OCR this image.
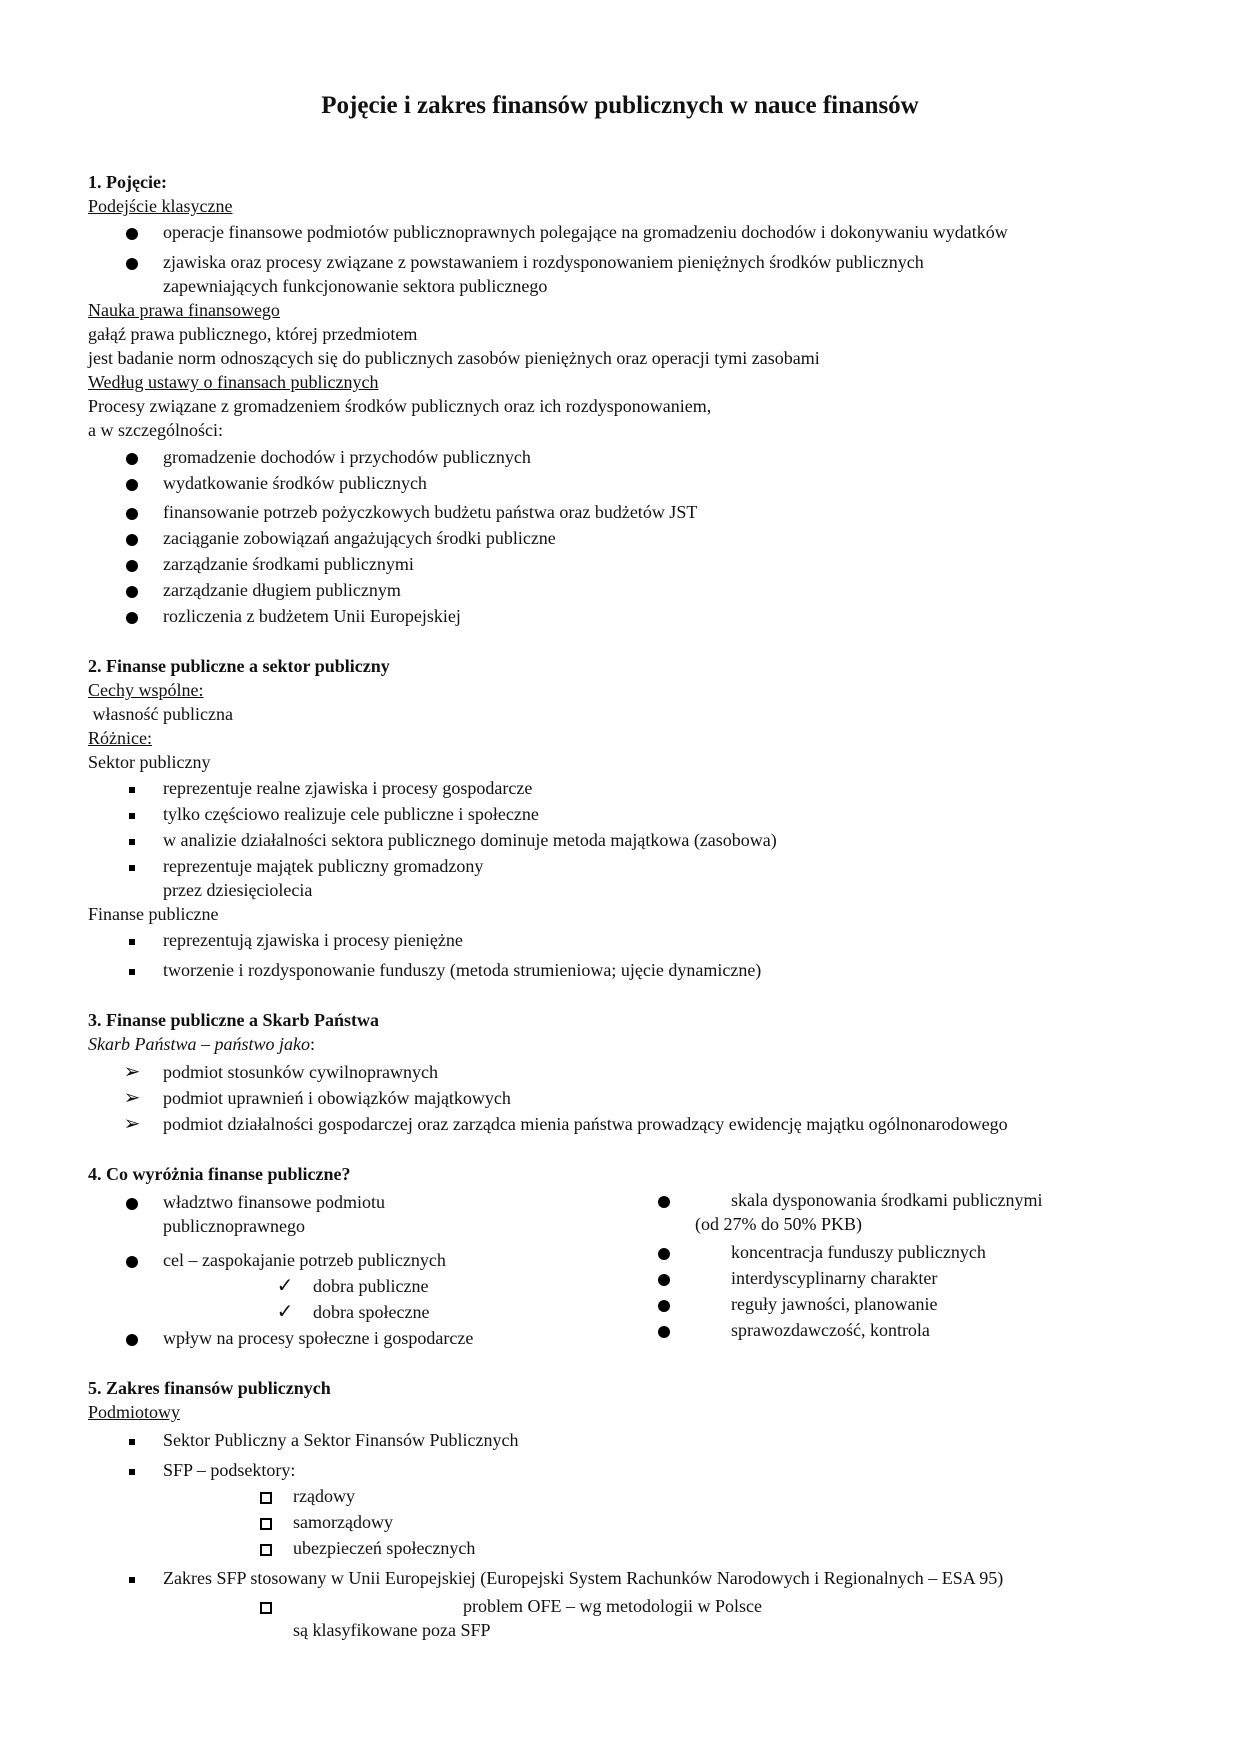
Pojęcie i zakres finansów publicznych w nauce finansów
1. Pojęcie:
Podejście klasyczne
operacje finansowe podmiotów publicznoprawnych polegające na gromadzeniu dochodów i dokonywaniu wydatków
zjawiska oraz procesy związane z powstawaniem i rozdysponowaniem pieniężnych środków publicznych
zapewniających funkcjonowanie sektora publicznego
Nauka prawa finansowego
gałąź prawa publicznego, której przedmiotem
jest badanie norm odnoszących się do publicznych zasobów pieniężnych oraz operacji tymi zasobami
Według ustawy o finansach publicznych
Procesy związane z gromadzeniem środków publicznych oraz ich rozdysponowaniem,
a w szczególności:
gromadzenie dochodów i przychodów publicznych
wydatkowanie środków publicznych
finansowanie potrzeb pożyczkowych budżetu państwa oraz budżetów JST
zaciąganie zobowiązań angażujących środki publiczne
zarządzanie środkami publicznymi
zarządzanie długiem publicznym
rozliczenia z budżetem Unii Europejskiej
2. Finanse publiczne a sektor publiczny
Cechy wspólne:
własność publiczna
Różnice:
Sektor publiczny
reprezentuje realne zjawiska i procesy gospodarcze
tylko częściowo realizuje cele publiczne i społeczne
w analizie działalności sektora publicznego dominuje metoda majątkowa (zasobowa)
reprezentuje majątek publiczny gromadzony
przez dziesięciolecia
Finanse publiczne
reprezentują zjawiska i procesy pieniężne
tworzenie i rozdysponowanie funduszy (metoda strumieniowa; ujęcie dynamiczne)
3. Finanse publiczne a Skarb Państwa
Skarb Państwa – państwo jako:
➢ podmiot stosunków cywilnoprawnych
➢ podmiot uprawnień i obowiązków majątkowych
➢ podmiot działalności gospodarczej oraz zarządca mienia państwa prowadzący ewidencję majątku ogólnonarodowego
4. Co wyróżnia finanse publiczne?
władztwo finansowe podmiotu
publicznoprawnego
cel – zaspokajanie potrzeb publicznych
✓ dobra publiczne
✓ dobra społeczne
wpływ na procesy społeczne i gospodarcze
skala dysponowania środkami publicznymi
(od 27% do 50% PKB)
koncentracja funduszy publicznych
interdyscyplinarny charakter
reguły jawności, planowanie
sprawozdawczość, kontrola
5. Zakres finansów publicznych
Podmiotowy
Sektor Publiczny a Sektor Finansów Publicznych
SFP – podsektory:
rządowy
samorządowy
ubezpieczeń społecznych
Zakres SFP stosowany w Unii Europejskiej (Europejski System Rachunków Narodowych i Regionalnych – ESA 95)
problem OFE – wg metodologii w Polsce
są klasyfikowane poza SFP
